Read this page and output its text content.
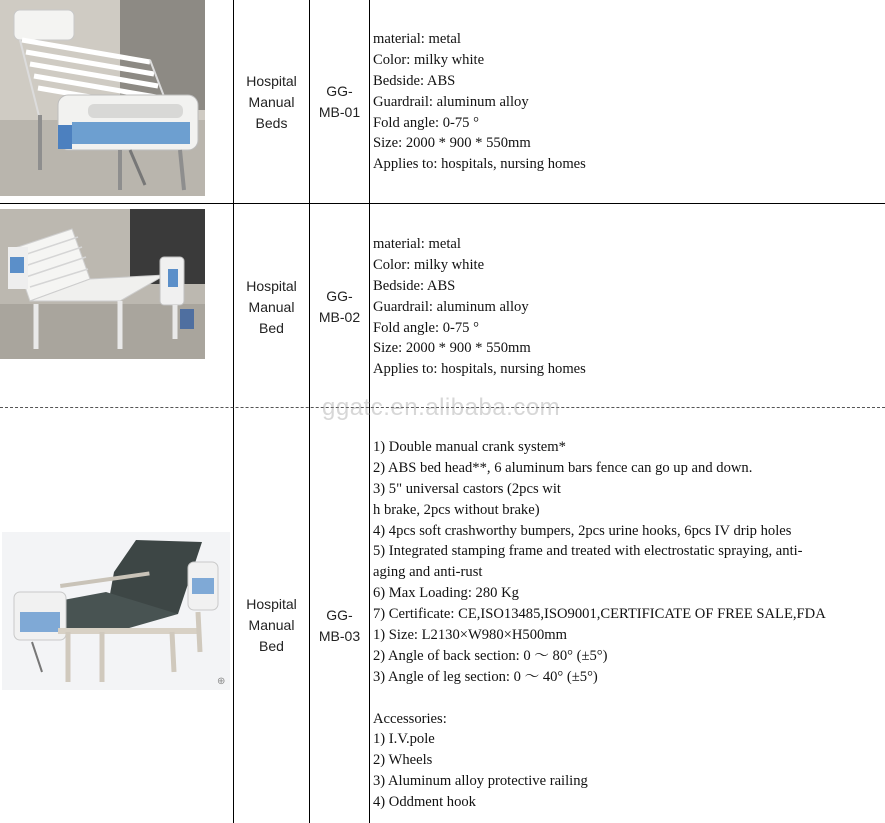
Hospital
Manual
Beds
GG-
MB-01
material: metal
Color: milky white
Bedside: ABS
Guardrail: aluminum alloy
Fold angle: 0-75 °
Size: 2000 * 900 * 550mm
Applies to: hospitals, nursing homes
Hospital
Manual
Bed
GG-
MB-02
material: metal
Color: milky white
Bedside: ABS
Guardrail: aluminum alloy
Fold angle: 0-75 °
Size: 2000 * 900 * 550mm
Applies to: hospitals, nursing homes
ggatc.en.alibaba.com
⊕
Hospital
Manual
Bed
GG-
MB-03
1) Double manual crank system*
2) ABS bed head**, 6 aluminum bars fence can go up and down.
3) 5" universal castors (2pcs wit
h brake, 2pcs without brake)
4) 4pcs soft crashworthy bumpers, 2pcs urine hooks, 6pcs IV drip holes
5) Integrated stamping frame and treated with electrostatic spraying, anti-
aging and anti-rust
6) Max Loading: 280 Kg
7) Certificate: CE,ISO13485,ISO9001,CERTIFICATE OF FREE SALE,FDA
1) Size: L2130×W980×H500mm
2) Angle of back section: 0 ～ 80° (±5°)
3) Angle of leg section: 0 ～ 40° (±5°)
Accessories:
1) I.V.pole
2) Wheels
3) Aluminum alloy protective railing
4) Oddment hook
